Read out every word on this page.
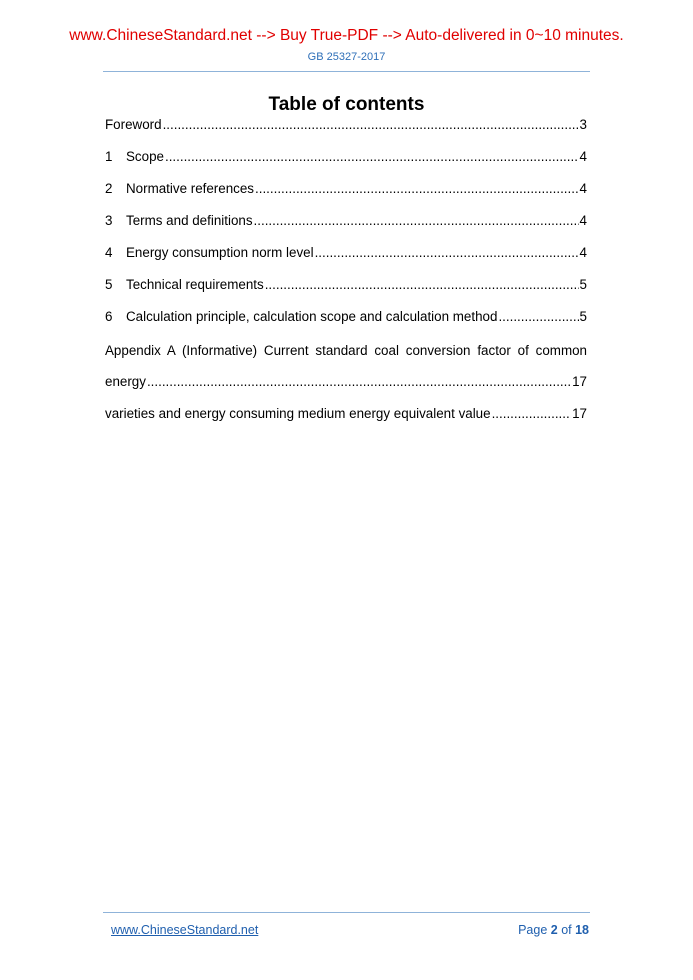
www.ChineseStandard.net --> Buy True-PDF --> Auto-delivered in 0~10 minutes.
GB 25327-2017
Table of contents
Foreword .....	3
1	Scope .....	4
2	Normative references .....	4
3	Terms and definitions .....	4
4	Energy consumption norm level .....	4
5	Technical requirements .....	5
6	Calculation principle, calculation scope and calculation method .....	5
Appendix A (Informative) Current standard coal conversion factor of common
energy .....	17
varieties and energy consuming medium energy equivalent value .....	17
www.ChineseStandard.net	Page 2 of 18
